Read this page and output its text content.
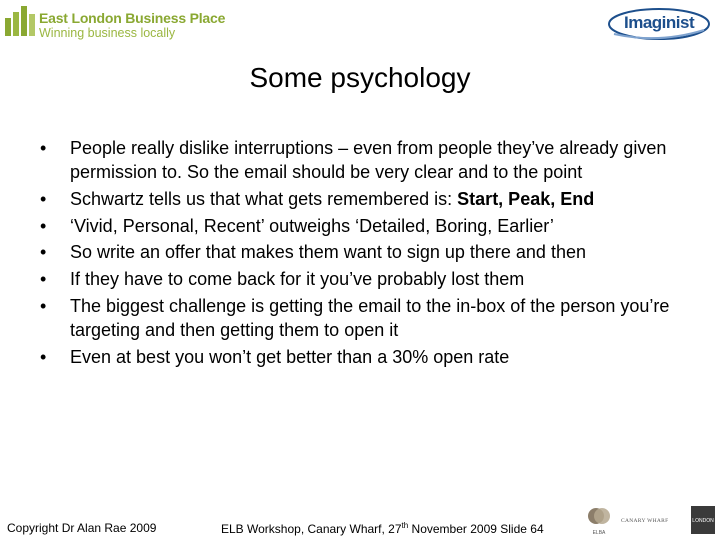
East London Business Place
Winning business locally
Imaginist
Some psychology
• People really dislike interruptions – even from people they’ve already given permission to. So the email should be very clear and to the point
• Schwartz tells us that what gets remembered is: Start, Peak, End
• ‘Vivid, Personal, Recent’ outweighs ‘Detailed, Boring, Earlier’
• So write an offer that makes them want to sign up there and then
• If they have to come back for it you’ve probably lost them
• The biggest challenge is getting the email to the in-box of the person you’re targeting and then getting them to open it
• Even at best you won’t get better than a 30% open rate
Copyright Dr Alan Rae 2009	ELB Workshop, Canary Wharf, 27th November 2009 Slide 64	ELBA
CANARY WHARF	LONDON
